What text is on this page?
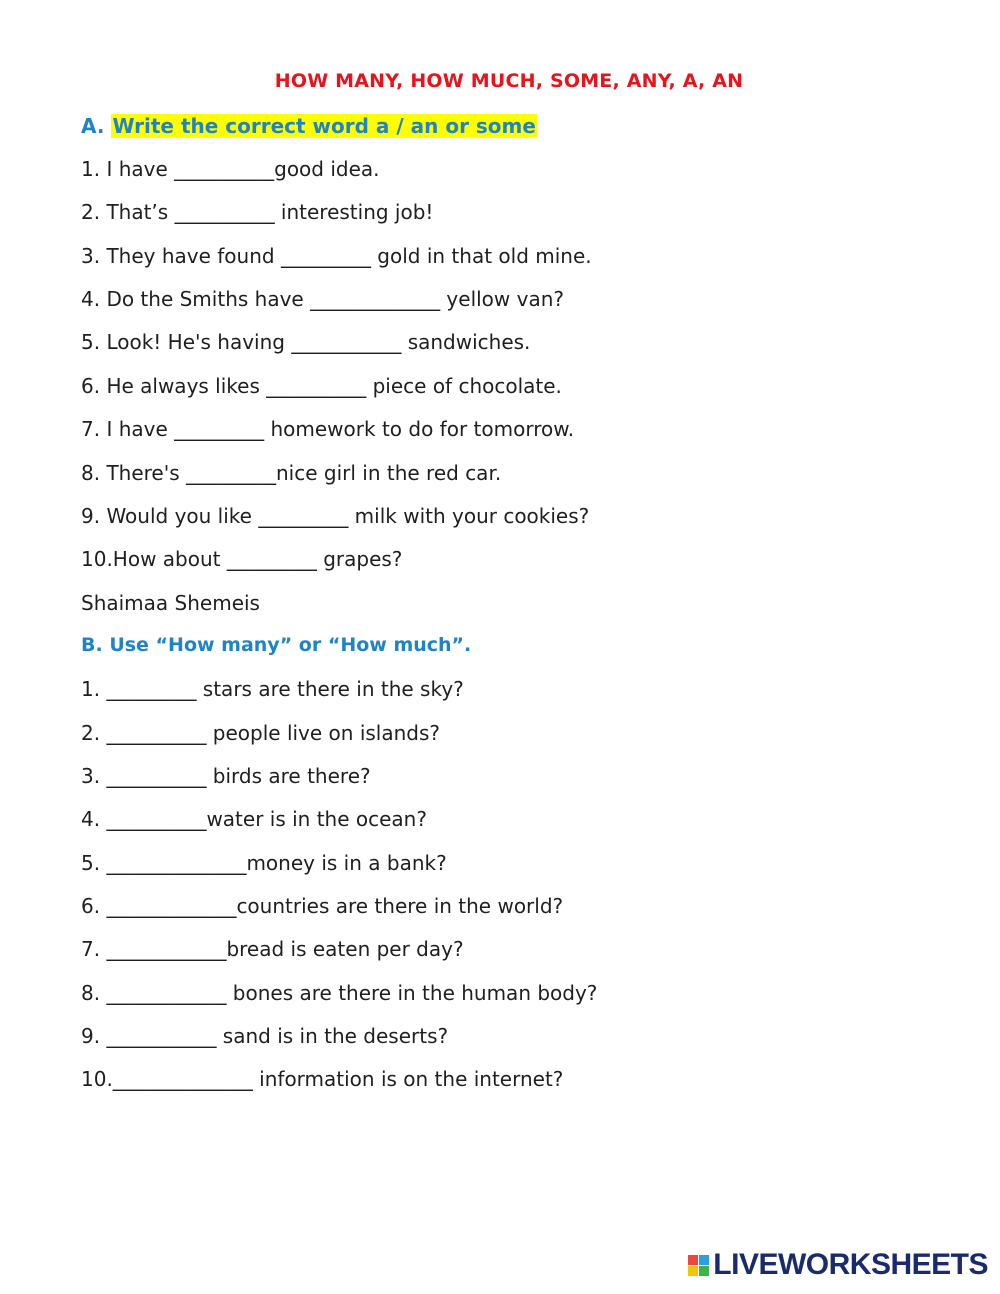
HOW MANY, HOW MUCH, SOME, ANY, A, AN
A. Write the correct word a / an or some
1. I have __________good idea.
2. That’s __________ interesting job!
3. They have found _________ gold in that old mine.
4. Do the Smiths have _____________ yellow van?
5. Look! He's having ___________ sandwiches.
6. He always likes __________ piece of chocolate.
7. I have _________ homework to do for tomorrow.
8. There's _________nice girl in the red car.
9. Would you like _________ milk with your cookies?
10.How about _________ grapes?
Shaimaa Shemeis
B. Use “How many” or “How much”.
1. _________ stars are there in the sky?
2. __________ people live on islands?
3. __________ birds are there?
4. __________water is in the ocean?
5. ______________money is in a bank?
6. _____________countries are there in the world?
7. ____________bread is eaten per day?
8. ____________ bones are there in the human body?
9. ___________ sand is in the deserts?
10.______________ information is on the internet?
LIVEWORKSHEETS
